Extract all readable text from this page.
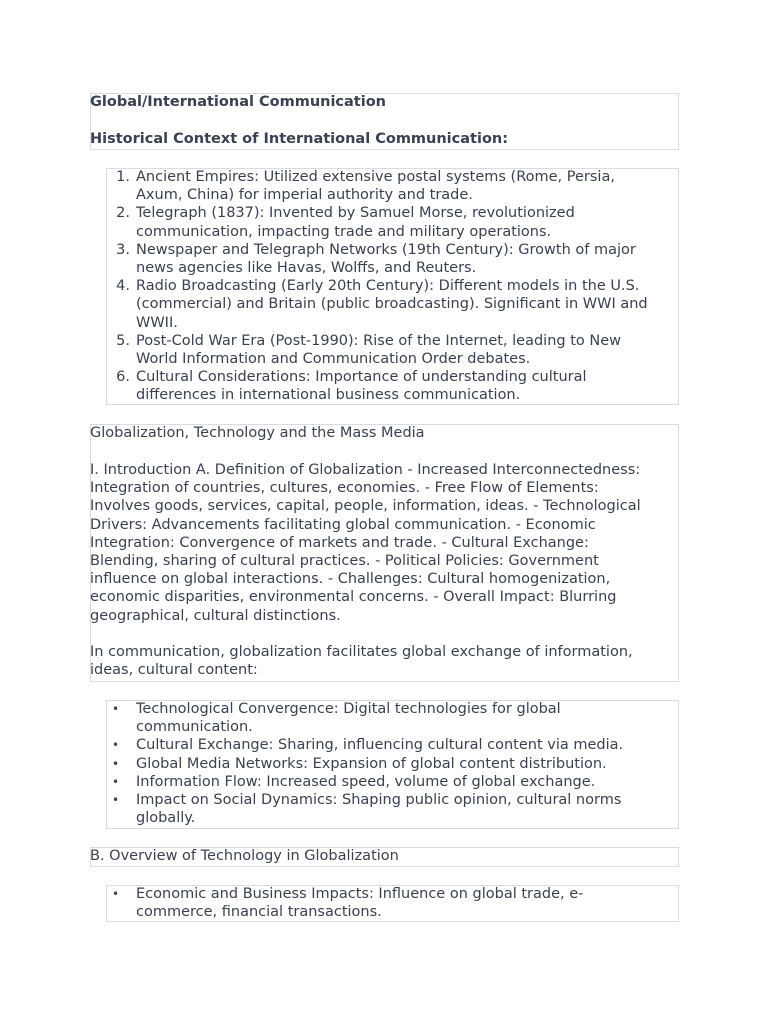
Global/International Communication

Historical Context of International Communication:

1. Ancient Empires: Utilized extensive postal systems (Rome, Persia,
Axum, China) for imperial authority and trade.
2. Telegraph (1837): Invented by Samuel Morse, revolutionized
communication, impacting trade and military operations.
3. Newspaper and Telegraph Networks (19th Century): Growth of major
news agencies like Havas, Wolffs, and Reuters.
4. Radio Broadcasting (Early 20th Century): Different models in the U.S.
(commercial) and Britain (public broadcasting). Significant in WWI and
WWII.
5. Post-Cold War Era (Post-1990): Rise of the Internet, leading to New
World Information and Communication Order debates.
6. Cultural Considerations: Importance of understanding cultural
differences in international business communication.

Globalization, Technology and the Mass Media

I. Introduction A. Definition of Globalization - Increased Interconnectedness:
Integration of countries, cultures, economies. - Free Flow of Elements:
Involves goods, services, capital, people, information, ideas. - Technological
Drivers: Advancements facilitating global communication. - Economic
Integration: Convergence of markets and trade. - Cultural Exchange:
Blending, sharing of cultural practices. - Political Policies: Government
influence on global interactions. - Challenges: Cultural homogenization,
economic disparities, environmental concerns. - Overall Impact: Blurring
geographical, cultural distinctions.

In communication, globalization facilitates global exchange of information,
ideas, cultural content:

• Technological Convergence: Digital technologies for global
communication.
• Cultural Exchange: Sharing, influencing cultural content via media.
• Global Media Networks: Expansion of global content distribution.
• Information Flow: Increased speed, volume of global exchange.
• Impact on Social Dynamics: Shaping public opinion, cultural norms
globally.

B. Overview of Technology in Globalization

• Economic and Business Impacts: Influence on global trade, e-
commerce, financial transactions.
